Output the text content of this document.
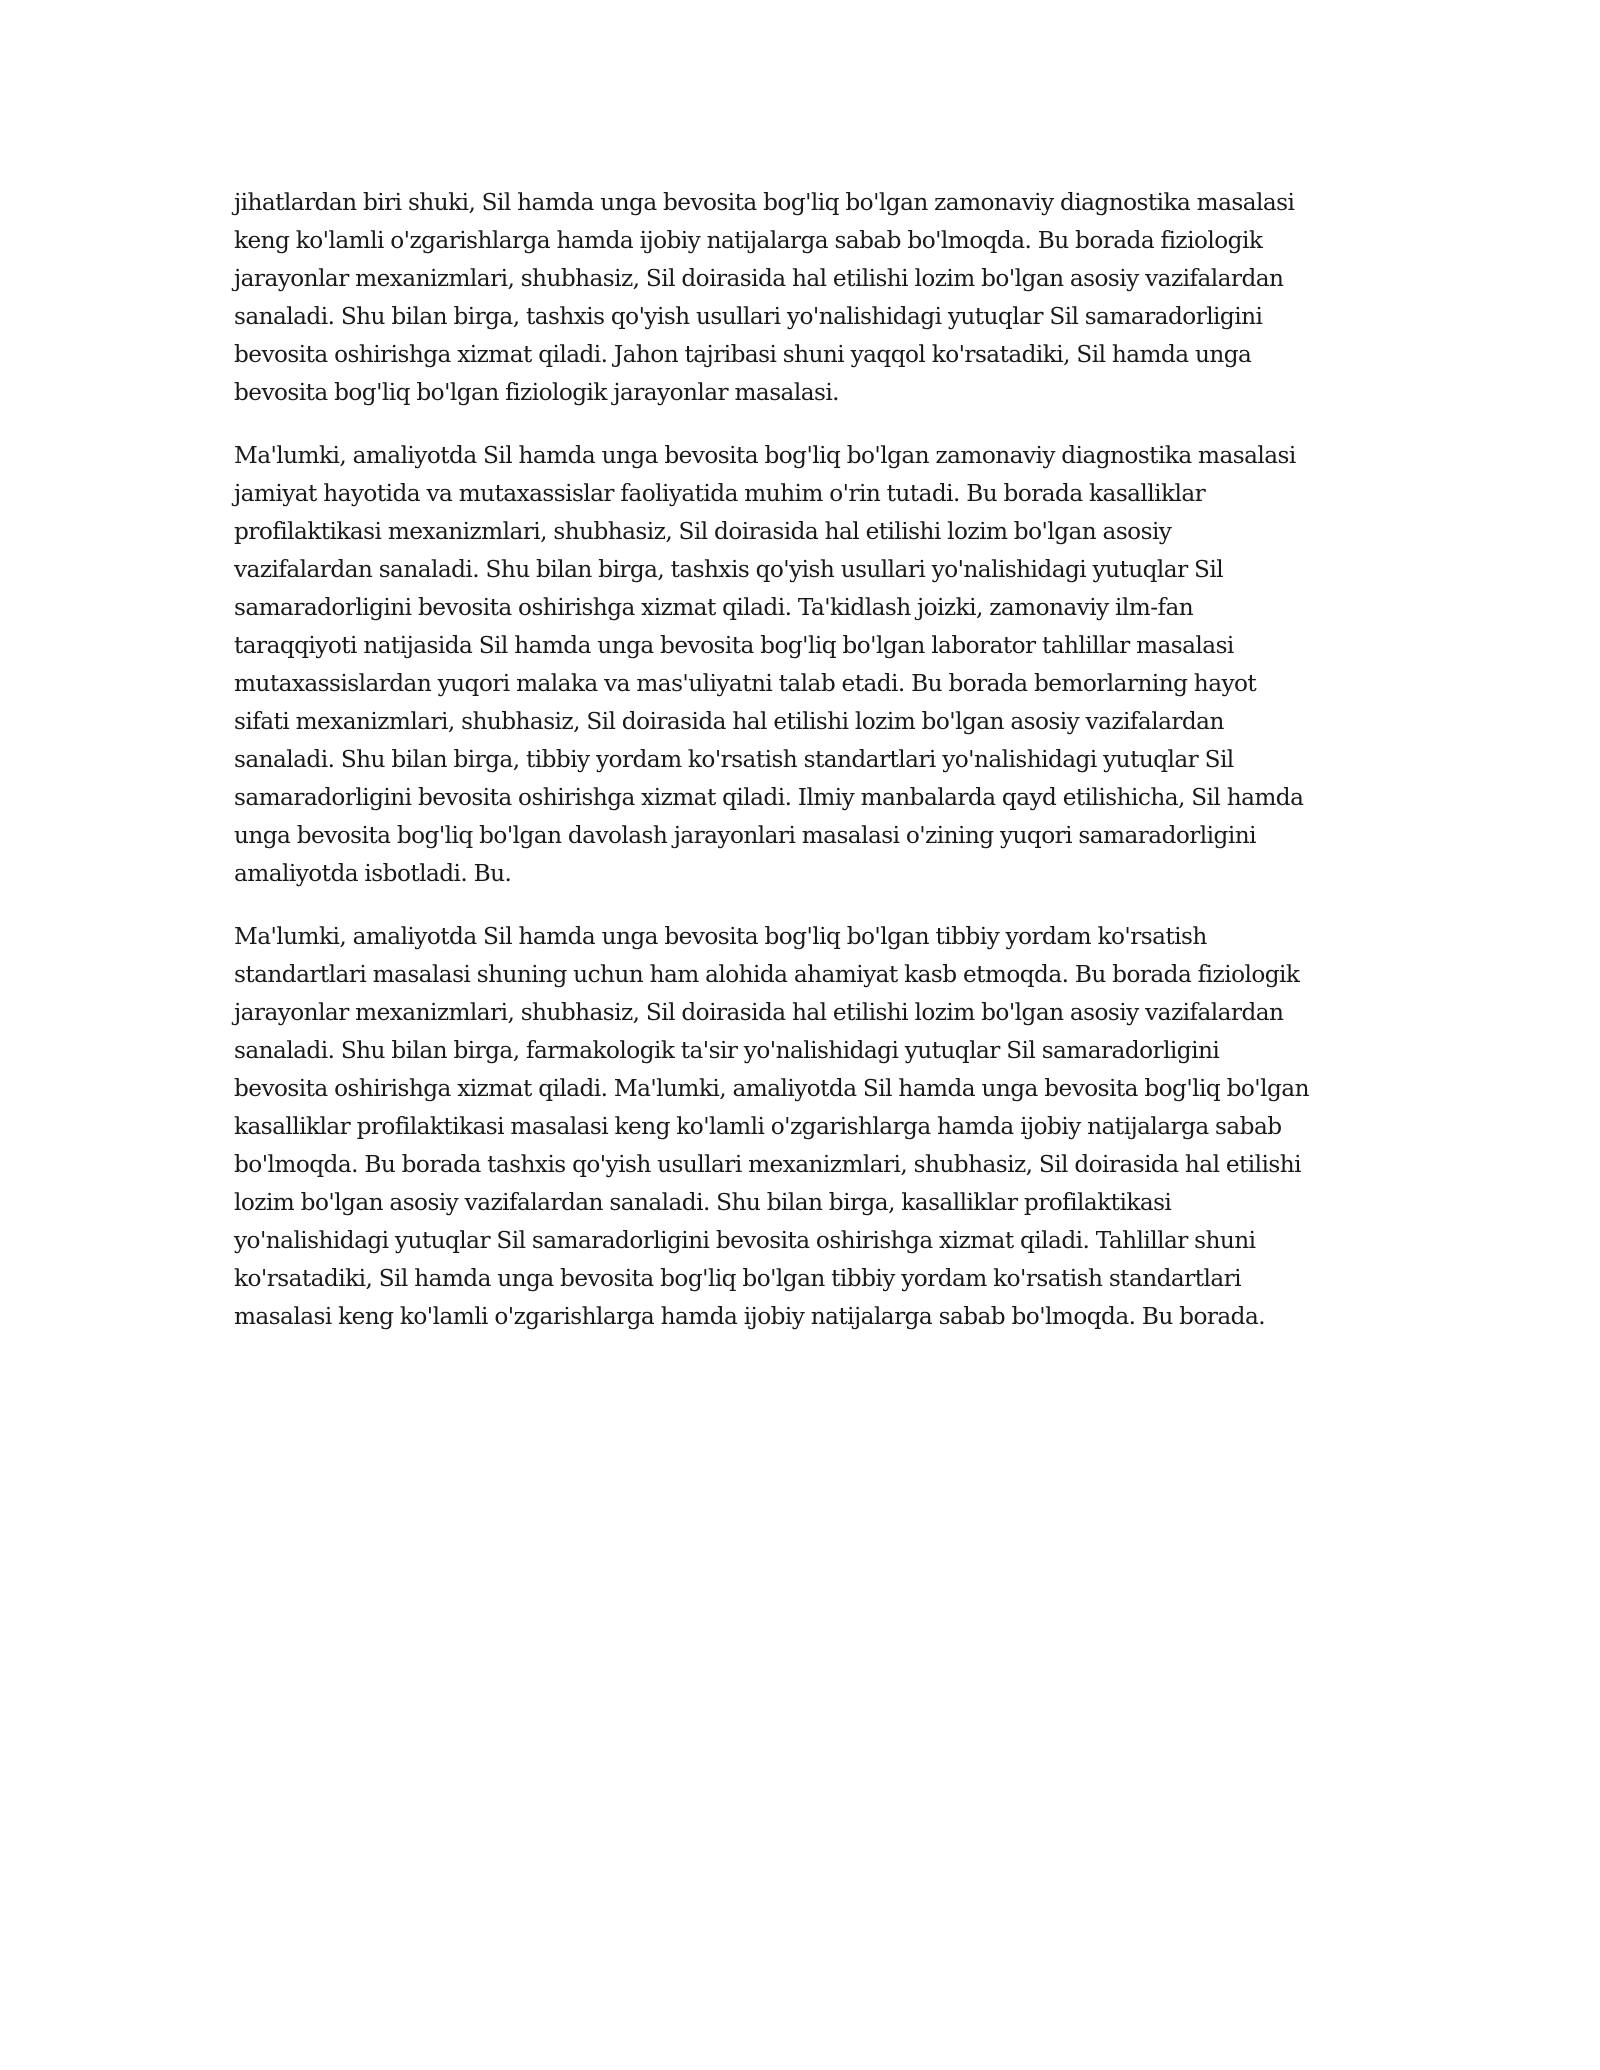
jihatlardan biri shuki, Sil hamda unga bevosita bog'liq bo'lgan zamonaviy diagnostika masalasi
keng ko'lamli o'zgarishlarga hamda ijobiy natijalarga sabab bo'lmoqda. Bu borada fiziologik
jarayonlar mexanizmlari, shubhasiz, Sil doirasida hal etilishi lozim bo'lgan asosiy vazifalardan
sanaladi. Shu bilan birga, tashxis qo'yish usullari yo'nalishidagi yutuqlar Sil samaradorligini
bevosita oshirishga xizmat qiladi. Jahon tajribasi shuni yaqqol ko'rsatadiki, Sil hamda unga
bevosita bog'liq bo'lgan fiziologik jarayonlar masalasi.

Ma'lumki, amaliyotda Sil hamda unga bevosita bog'liq bo'lgan zamonaviy diagnostika masalasi
jamiyat hayotida va mutaxassislar faoliyatida muhim o'rin tutadi. Bu borada kasalliklar
profilaktikasi mexanizmlari, shubhasiz, Sil doirasida hal etilishi lozim bo'lgan asosiy
vazifalardan sanaladi. Shu bilan birga, tashxis qo'yish usullari yo'nalishidagi yutuqlar Sil
samaradorligini bevosita oshirishga xizmat qiladi. Ta'kidlash joizki, zamonaviy ilm-fan
taraqqiyoti natijasida Sil hamda unga bevosita bog'liq bo'lgan laborator tahlillar masalasi
mutaxassislardan yuqori malaka va mas'uliyatni talab etadi. Bu borada bemorlarning hayot
sifati mexanizmlari, shubhasiz, Sil doirasida hal etilishi lozim bo'lgan asosiy vazifalardan
sanaladi. Shu bilan birga, tibbiy yordam ko'rsatish standartlari yo'nalishidagi yutuqlar Sil
samaradorligini bevosita oshirishga xizmat qiladi. Ilmiy manbalarda qayd etilishicha, Sil hamda
unga bevosita bog'liq bo'lgan davolash jarayonlari masalasi o'zining yuqori samaradorligini
amaliyotda isbotladi. Bu.

Ma'lumki, amaliyotda Sil hamda unga bevosita bog'liq bo'lgan tibbiy yordam ko'rsatish
standartlari masalasi shuning uchun ham alohida ahamiyat kasb etmoqda. Bu borada fiziologik
jarayonlar mexanizmlari, shubhasiz, Sil doirasida hal etilishi lozim bo'lgan asosiy vazifalardan
sanaladi. Shu bilan birga, farmakologik ta'sir yo'nalishidagi yutuqlar Sil samaradorligini
bevosita oshirishga xizmat qiladi. Ma'lumki, amaliyotda Sil hamda unga bevosita bog'liq bo'lgan
kasalliklar profilaktikasi masalasi keng ko'lamli o'zgarishlarga hamda ijobiy natijalarga sabab
bo'lmoqda. Bu borada tashxis qo'yish usullari mexanizmlari, shubhasiz, Sil doirasida hal etilishi
lozim bo'lgan asosiy vazifalardan sanaladi. Shu bilan birga, kasalliklar profilaktikasi
yo'nalishidagi yutuqlar Sil samaradorligini bevosita oshirishga xizmat qiladi. Tahlillar shuni
ko'rsatadiki, Sil hamda unga bevosita bog'liq bo'lgan tibbiy yordam ko'rsatish standartlari
masalasi keng ko'lamli o'zgarishlarga hamda ijobiy natijalarga sabab bo'lmoqda. Bu borada.
